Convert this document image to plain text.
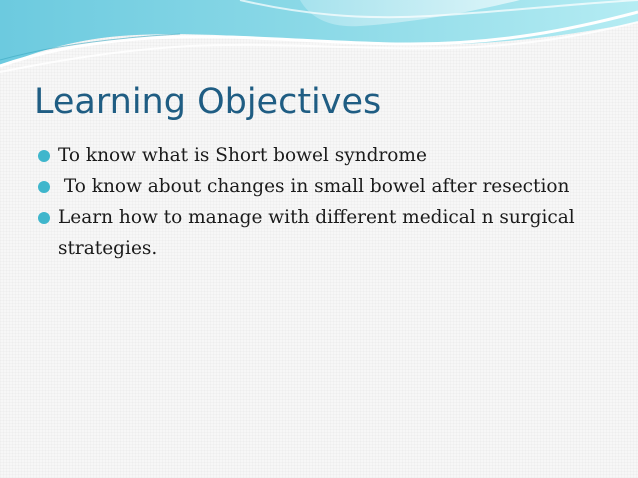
Learning Objectives
To know what is Short bowel syndrome
To know about changes in small bowel after resection
Learn how to manage with different medical n surgical strategies.
